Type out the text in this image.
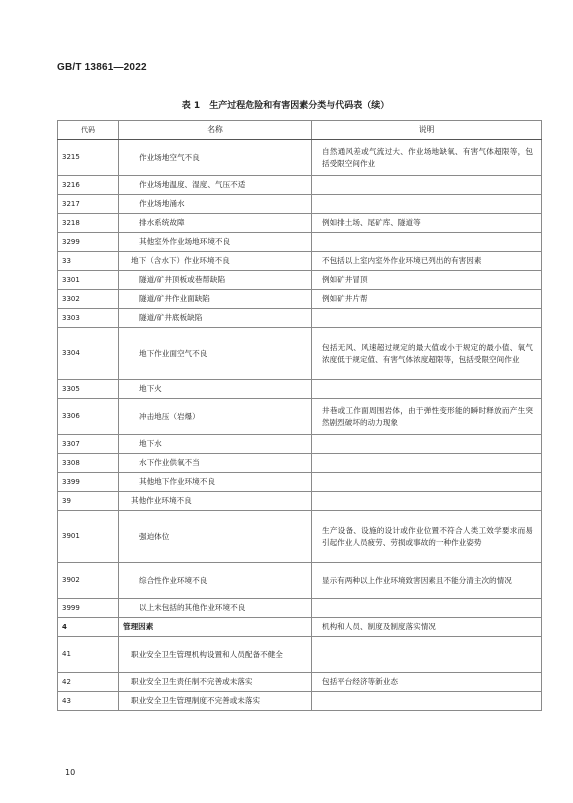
GB/T 13861—2022
表 1　生产过程危险和有害因素分类与代码表（续）
代码	名称	说明
3215	作业场地空气不良	自然通风差或气流过大、作业场地缺氧、有害气体超限等，包括受限空间作业
3216	作业场地温度、湿度、气压不适	
3217	作业场地涌水	
3218	排水系统故障	例如排土场、尾矿库、隧道等
3299	其他室外作业场地环境不良	
33	地下（含水下）作业环境不良	不包括以上室内室外作业环境已列出的有害因素
3301	隧道/矿井顶板或巷帮缺陷	例如矿井冒顶
3302	隧道/矿井作业面缺陷	例如矿井片帮
3303	隧道/矿井底板缺陷	
3304	地下作业面空气不良	包括无风、风速超过规定的最大值或小于规定的最小值、氧气浓度低于规定值、有害气体浓度超限等，包括受限空间作业
3305	地下火	
3306	冲击地压（岩爆）	井巷或工作面周围岩体，由于弹性变形能的瞬时释放而产生突然剧烈破坏的动力现象
3307	地下水	
3308	水下作业供氧不当	
3399	其他地下作业环境不良	
39	其他作业环境不良	
3901	强迫体位	生产设备、设施的设计或作业位置不符合人类工效学要求而易引起作业人员疲劳、劳损或事故的一种作业姿势
3902	综合性作业环境不良	显示有两种以上作业环境致害因素且不能分清主次的情况
3999	以上未包括的其他作业环境不良	
4	管理因素	机构和人员、制度及制度落实情况
41	职业安全卫生管理机构设置和人员配备不健全	
42	职业安全卫生责任制不完善或未落实	包括平台经济等新业态
43	职业安全卫生管理制度不完善或未落实	
10
